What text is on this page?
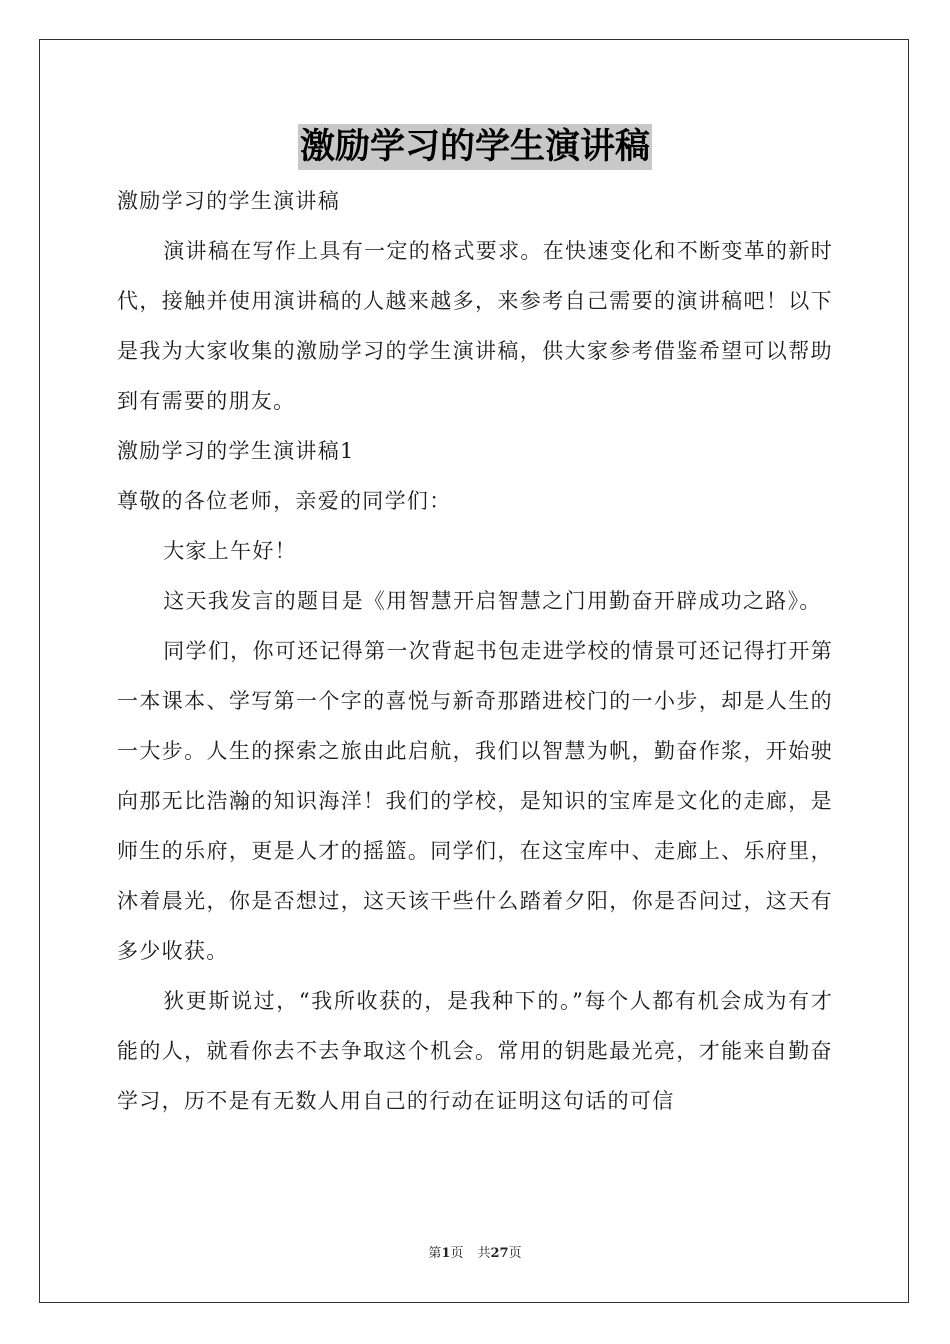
激励学习的学生演讲稿

激励学习的学生演讲稿

演讲稿在写作上具有一定的格式要求。在快速变化和不断变革的新时代，接触并使用演讲稿的人越来越多，来参考自己需要的演讲稿吧！以下是我为大家收集的激励学习的学生演讲稿，供大家参考借鉴希望可以帮助到有需要的朋友。

激励学习的学生演讲稿1

尊敬的各位老师，亲爱的同学们：

大家上午好！

这天我发言的题目是《用智慧开启智慧之门用勤奋开辟成功之路》。

同学们，你可还记得第一次背起书包走进学校的情景可还记得打开第一本课本、学写第一个字的喜悦与新奇那踏进校门的一小步，却是人生的一大步。人生的探索之旅由此启航，我们以智慧为帆，勤奋作浆，开始驶向那无比浩瀚的知识海洋！我们的学校，是知识的宝库是文化的走廊，是师生的乐府，更是人才的摇篮。同学们，在这宝库中、走廊上、乐府里，沐着晨光，你是否想过，这天该干些什么踏着夕阳，你是否问过，这天有多少收获。

狄更斯说过，“我所收获的，是我种下的。”每个人都有机会成为有才能的人，就看你去不去争取这个机会。常用的钥匙最光亮，才能来自勤奋学习，历不是有无数人用自己的行动在证明这句话的可信

第1页 共27页
